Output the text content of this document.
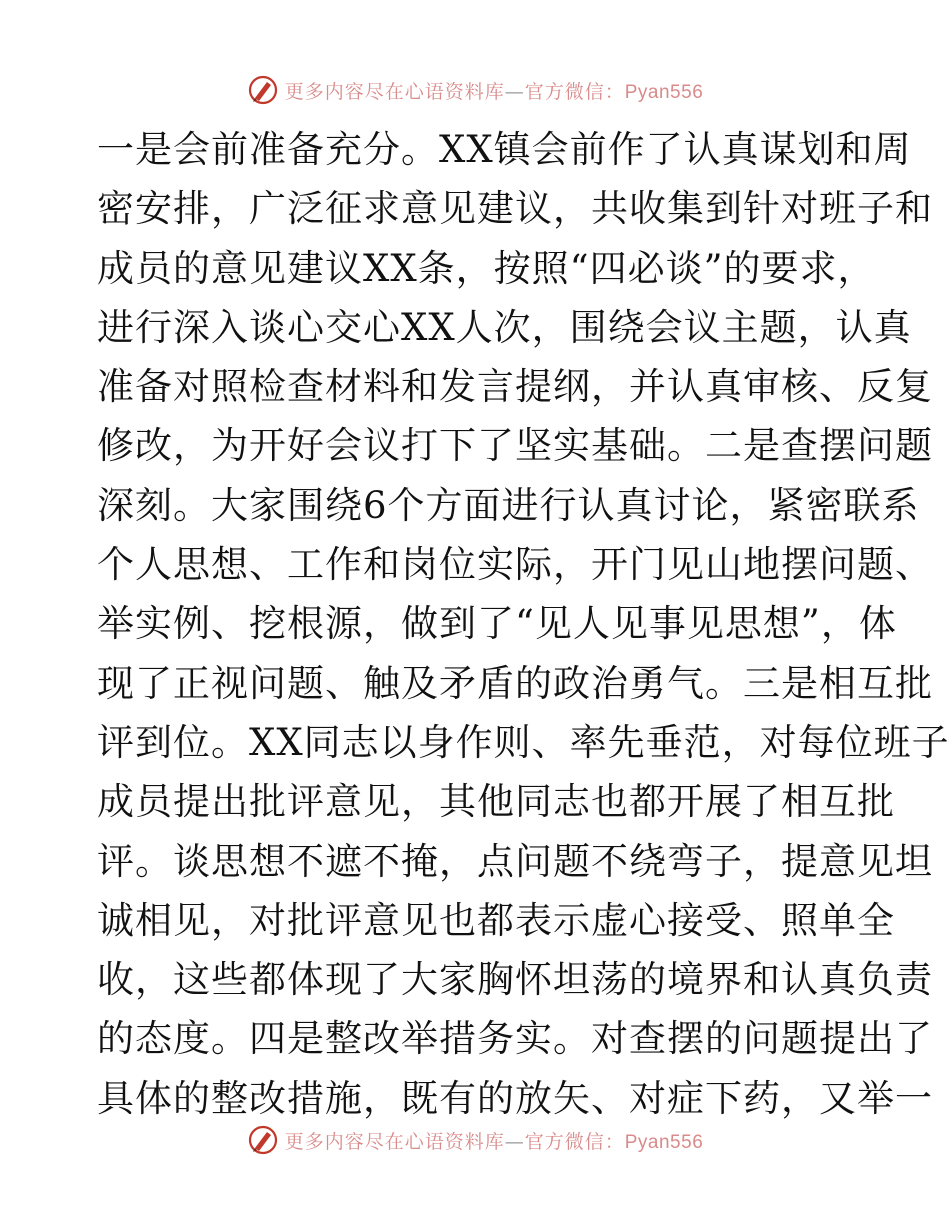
更多内容尽在心语资料库—官方微信：Pyan556
一是会前准备充分。XX镇会前作了认真谋划和周
密安排，广泛征求意见建议，共收集到针对班子和
成员的意见建议XX条，按照“四必谈”的要求，
进行深入谈心交心XX人次，围绕会议主题，认真
准备对照检查材料和发言提纲，并认真审核、反复
修改，为开好会议打下了坚实基础。二是查摆问题
深刻。大家围绕6个方面进行认真讨论，紧密联系
个人思想、工作和岗位实际，开门见山地摆问题、
举实例、挖根源，做到了“见人见事见思想”，体
现了正视问题、触及矛盾的政治勇气。三是相互批
评到位。XX同志以身作则、率先垂范，对每位班子
成员提出批评意见，其他同志也都开展了相互批
评。谈思想不遮不掩，点问题不绕弯子，提意见坦
诚相见，对批评意见也都表示虚心接受、照单全
收，这些都体现了大家胸怀坦荡的境界和认真负责
的态度。四是整改举措务实。对查摆的问题提出了
具体的整改措施，既有的放矢、对症下药，又举一
更多内容尽在心语资料库—官方微信：Pyan556
